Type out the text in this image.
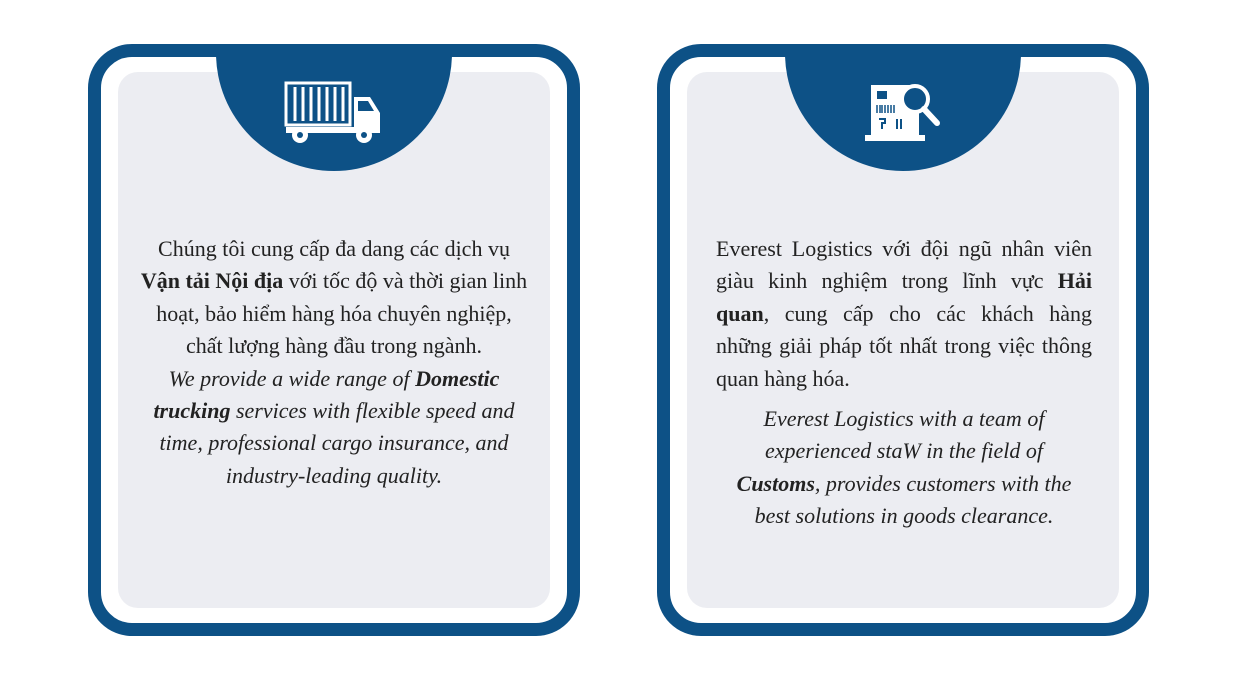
Chúng tôi cung cấp đa dang các dịch vụ Vận tải Nội địa với tốc độ và thời gian linh hoạt, bảo hiểm hàng hóa chuyên nghiệp, chất lượng hàng đầu trong ngành.
We provide a wide range of Domestic trucking services with flexible speed and time, professional cargo insurance, and industry-leading quality.
Everest Logistics với đội ngũ nhân viên giàu kinh nghiệm trong lĩnh vực Hải quan, cung cấp cho các khách hàng những giải pháp tốt nhất trong việc thông quan hàng hóa.
Everest Logistics with a team of experienced staW in the field of Customs, provides customers with the best solutions in goods clearance.
